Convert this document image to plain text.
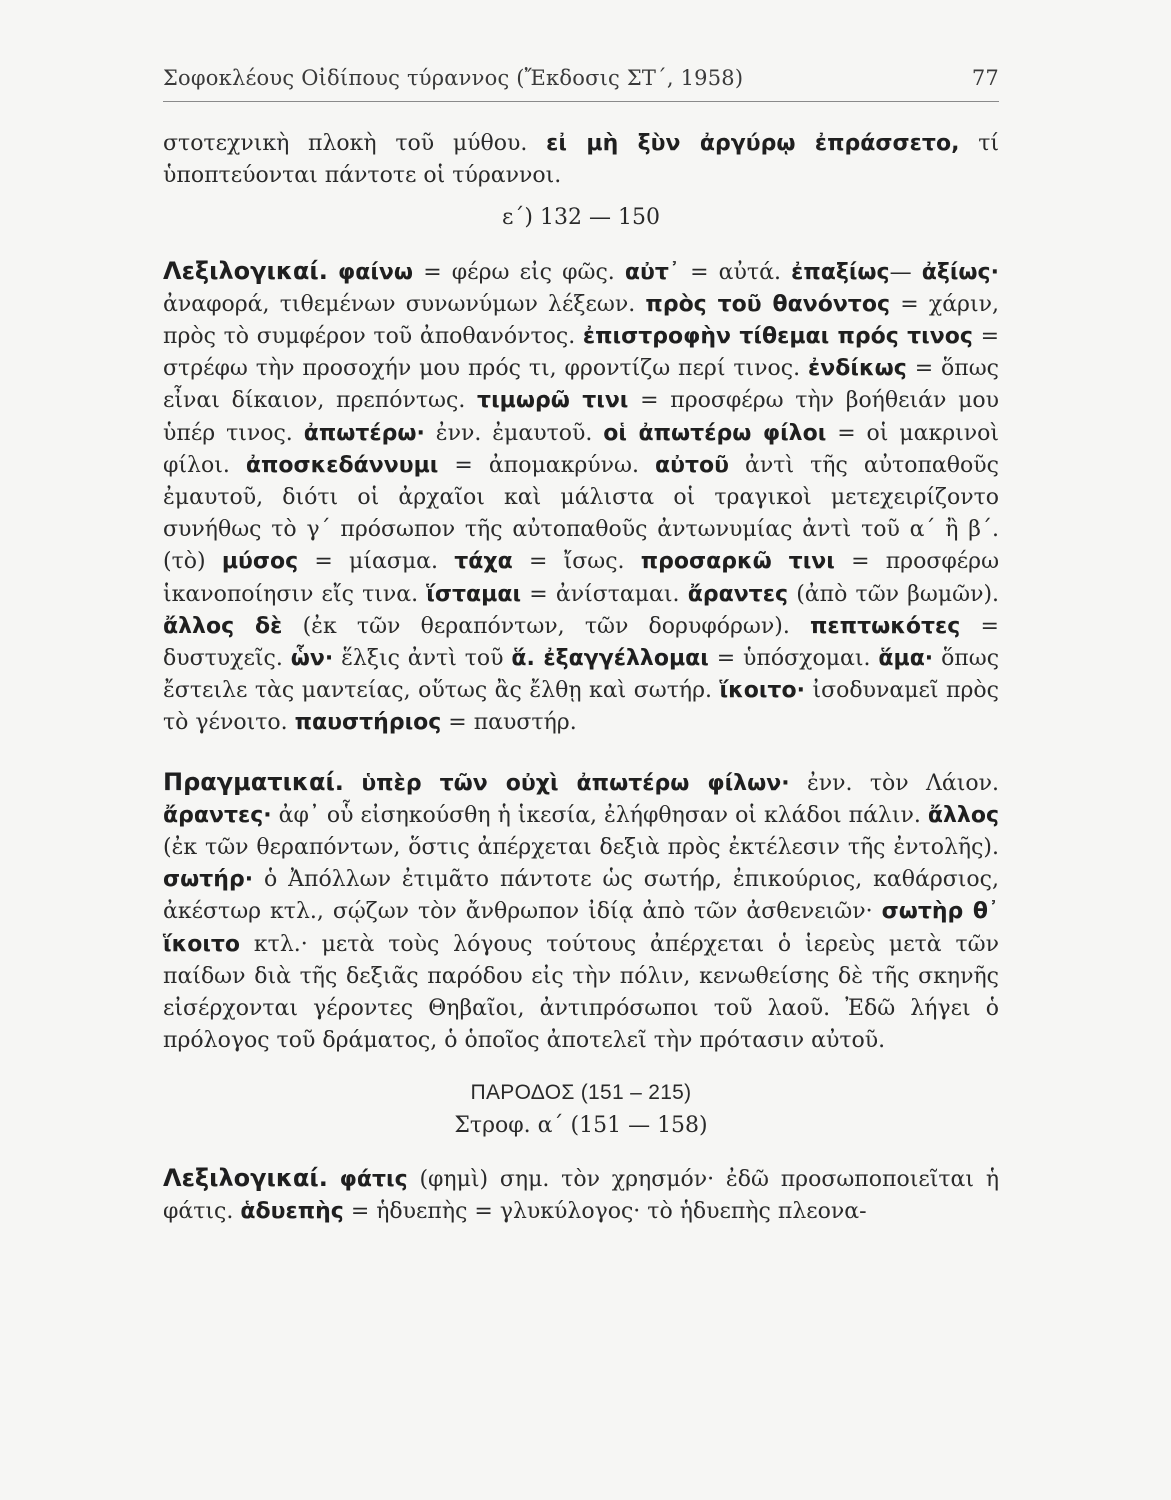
Σοφοκλέους Οἰδίπους τύραννος (Ἔκδοσις ΣΤ΄, 1958)	77

στοτεχνικὴ πλοκὴ τοῦ μύθου. εἰ μὴ ξὺν ἀργύρῳ ἐπράσσετο, τί ὑποπτεύονται πάντοτε οἱ τύραννοι.

ε΄) 132 — 150

Λεξιλογικαί. φαίνω = φέρω εἰς φῶς. αὐτ᾿ = αὐτά. ἐπαξίως— ἀξίως· ἀναφορά, τιθεμένων συνωνύμων λέξεων. πρὸς τοῦ θανόντος = χάριν, πρὸς τὸ συμφέρον τοῦ ἀποθανόντος. ἐπιστροφὴν τίθεμαι πρός τινος = στρέφω τὴν προσοχήν μου πρός τι, φροντίζω περί τινος. ἐνδίκως = ὅπως εἶναι δίκαιον, πρεπόντως. τιμωρῶ τινι = προσφέρω τὴν βοήθειάν μου ὑπέρ τινος. ἀπωτέρω· ἐνν. ἐμαυτοῦ. οἱ ἀπωτέρω φίλοι = οἱ μακρινοὶ φίλοι. ἀποσκεδάννυμι = ἀπομακρύνω. αὐτοῦ ἀντὶ τῆς αὐτοπαθοῦς ἐμαυτοῦ, διότι οἱ ἀρχαῖοι καὶ μάλιστα οἱ τραγικοὶ μετεχειρίζοντο συνήθως τὸ γ΄ πρόσωπον τῆς αὐτοπαθοῦς ἀντωνυμίας ἀντὶ τοῦ α΄ ἢ β΄. (τὸ) μύσος = μίασμα. τάχα = ἴσως. προσαρκῶ τινι = προσφέρω ἱκανοποίησιν εἴς τινα. ἵσταμαι = ἀνίσταμαι. ἄραντες (ἀπὸ τῶν βωμῶν). ἄλλος δὲ (ἐκ τῶν θεραπόντων, τῶν δορυφόρων). πεπτωκότες = δυστυχεῖς. ὧν· ἕλξις ἀντὶ τοῦ ἅ. ἐξαγγέλλομαι = ὑπόσχομαι. ἅμα· ὅπως ἔστειλε τὰς μαντείας, οὕτως ἂς ἔλθῃ καὶ σωτήρ. ἵκοιτο· ἰσοδυναμεῖ πρὸς τὸ γένοιτο. παυστήριος = παυστήρ.

Πραγματικαί. ὑπὲρ τῶν οὐχὶ ἀπωτέρω φίλων· ἐνν. τὸν Λάιον. ἄραντες· ἀφ᾿ οὗ εἰσηκούσθη ἡ ἱκεσία, ἐλήφθησαν οἱ κλάδοι πάλιν. ἄλλος (ἐκ τῶν θεραπόντων, ὅστις ἀπέρχεται δεξιὰ πρὸς ἐκτέλεσιν τῆς ἐντολῆς). σωτήρ· ὁ Ἀπόλλων ἐτιμᾶτο πάντοτε ὡς σωτήρ, ἐπικούριος, καθάρσιος, ἀκέστωρ κτλ., σῴζων τὸν ἄνθρωπον ἰδίᾳ ἀπὸ τῶν ἀσθενειῶν· σωτὴρ θ᾿ ἵκοιτο κτλ.· μετὰ τοὺς λόγους τούτους ἀπέρχεται ὁ ἱερεὺς μετὰ τῶν παίδων διὰ τῆς δεξιᾶς παρόδου εἰς τὴν πόλιν, κενωθείσης δὲ τῆς σκηνῆς εἰσέρχονται γέροντες Θηβαῖοι, ἀντιπρόσωποι τοῦ λαοῦ. Ἐδῶ λήγει ὁ πρόλογος τοῦ δράματος, ὁ ὁποῖος ἀποτελεῖ τὴν πρότασιν αὐτοῦ.

ΠΑΡΟΔΟΣ (151 – 215)

Στροφ. α΄ (151 — 158)

Λεξιλογικαί. φάτις (φημὶ) σημ. τὸν χρησμόν· ἐδῶ προσωποποιεῖται ἡ φάτις. ἁδυεπὴς = ἡδυεπὴς = γλυκύλογος· τὸ ἡδυεπὴς πλεονα-
